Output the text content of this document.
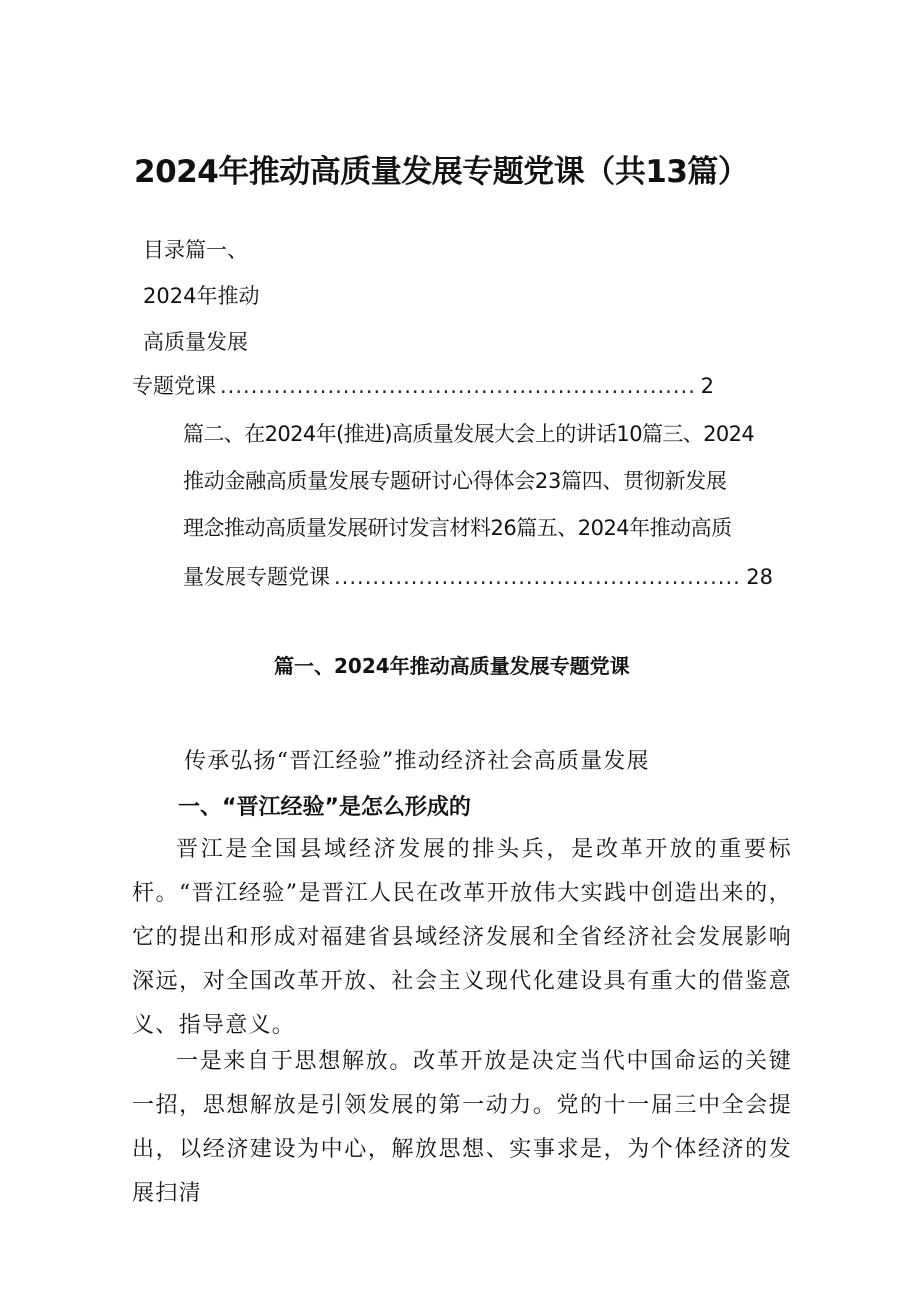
2024年推动高质量发展专题党课（共13篇）
目录篇一、
2024年推动
高质量发展
专题党课 .....	2
篇二、在2024年(推进)高质量发展大会上的讲话10篇三、2024
推动金融高质量发展专题研讨心得体会23篇四、贯彻新发展
理念推动高质量发展研讨发言材料26篇五、2024年推动高质
量发展专题党课 .....	28
篇一、2024年推动高质量发展专题党课
传承弘扬“晋江经验”推动经济社会高质量发展
一、“晋江经验”是怎么形成的
晋江是全国县域经济发展的排头兵，是改革开放的重要标杆。“晋江经验”是晋江人民在改革开放伟大实践中创造出来的，它的提出和形成对福建省县域经济发展和全省经济社会发展影响深远，对全国改革开放、社会主义现代化建设具有重大的借鉴意义、指导意义。
一是来自于思想解放。改革开放是决定当代中国命运的关键一招，思想解放是引领发展的第一动力。党的十一届三中全会提出，以经济建设为中心，解放思想、实事求是，为个体经济的发展扫清
